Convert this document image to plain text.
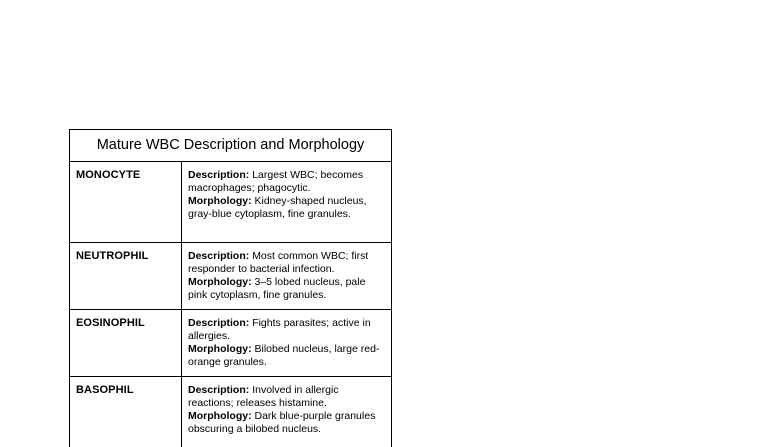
Mature WBC Description and Morphology
MONOCYTE	Description: Largest WBC; becomes macrophages; phagocytic.
Morphology: Kidney-shaped nucleus, gray-blue cytoplasm, fine granules.
NEUTROPHIL	Description: Most common WBC; first responder to bacterial infection.
Morphology: 3–5 lobed nucleus, pale pink cytoplasm, fine granules.
EOSINOPHIL	Description: Fights parasites; active in allergies.
Morphology: Bilobed nucleus, large red-orange granules.
BASOPHIL	Description: Involved in allergic reactions; releases histamine.
Morphology: Dark blue-purple granules obscuring a bilobed nucleus.
